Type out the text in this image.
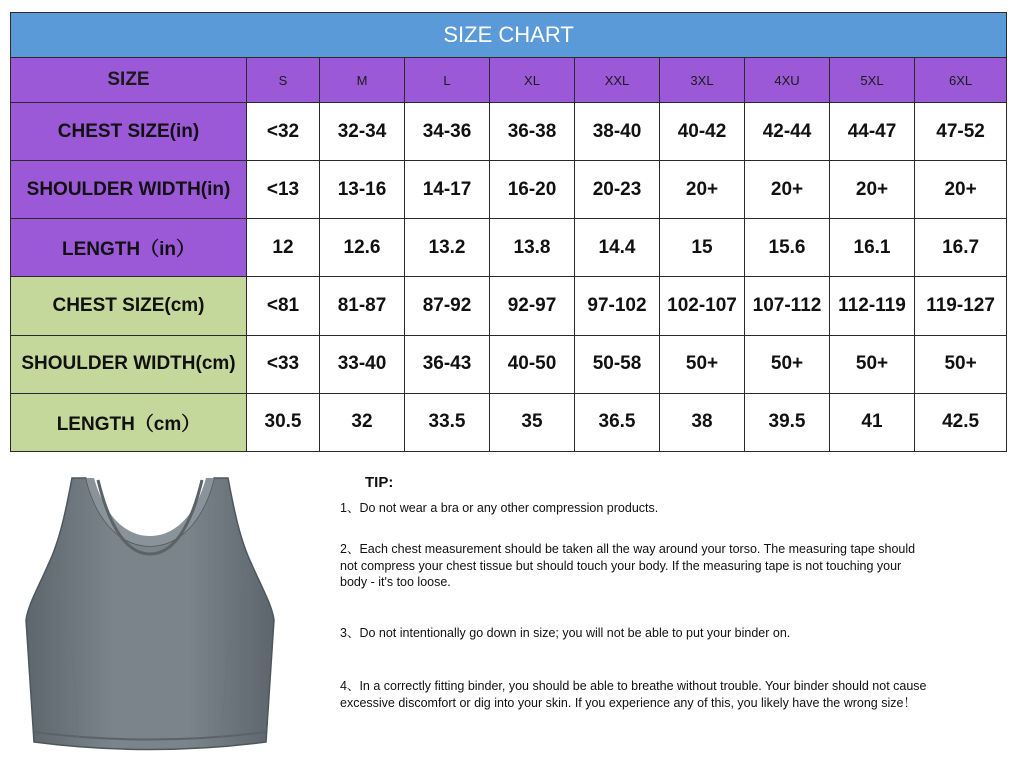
SIZE CHART									
SIZE	S	M	L	XL	XXL	3XL	4XU	5XL	6XL
CHEST SIZE(in)	<32	32-34	34-36	36-38	38-40	40-42	42-44	44-47	47-52
SHOULDER WIDTH(in)	<13	13-16	14-17	16-20	20-23	20+	20+	20+	20+
LENGTH（in）	12	12.6	13.2	13.8	14.4	15	15.6	16.1	16.7
CHEST SIZE(cm)	<81	81-87	87-92	92-97	97-102	102-107	107-112	112-119	119-127
SHOULDER WIDTH(cm)	<33	33-40	36-43	40-50	50-58	50+	50+	50+	50+
LENGTH（cm）	30.5	32	33.5	35	36.5	38	39.5	41	42.5
TIP:

1、Do not wear a bra or any other compression products.

2、Each chest measurement should be taken all the way around your torso. The measuring tape should not compress your chest tissue but should touch your body. If the measuring tape is not touching your body - it's too loose.

3、Do not intentionally go down in size; you will not be able to put your binder on.

4、In a correctly fitting binder, you should be able to breathe without trouble. Your binder should not cause excessive discomfort or dig into your skin. If you experience any of this, you likely have the wrong size！
